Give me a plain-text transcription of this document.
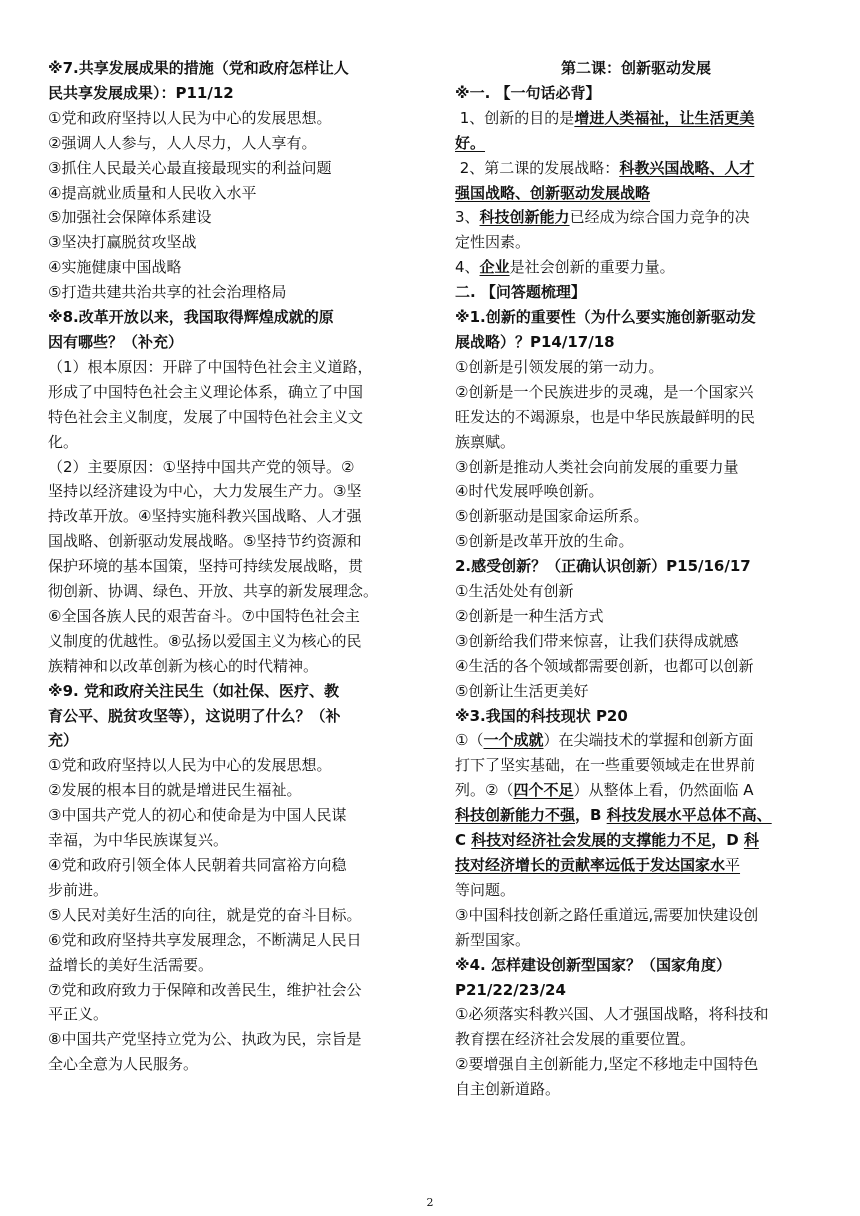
※7.共享发展成果的措施（党和政府怎样让人
民共享发展成果）：P11/12
①党和政府坚持以人民为中心的发展思想。
②强调人人参与，人人尽力，人人享有。
③抓住人民最关心最直接最现实的利益问题
④提高就业质量和人民收入水平
⑤加强社会保障体系建设
③坚决打赢脱贫攻坚战
④实施健康中国战略
⑤打造共建共治共享的社会治理格局
※8.改革开放以来，我国取得辉煌成就的原
因有哪些？（补充）
（1）根本原因：开辟了中国特色社会主义道路，
形成了中国特色社会主义理论体系，确立了中国
特色社会主义制度，发展了中国特色社会主义文
化。
（2）主要原因：①坚持中国共产党的领导。②
坚持以经济建设为中心，大力发展生产力。③坚
持改革开放。④坚持实施科教兴国战略、人才强
国战略、创新驱动发展战略。⑤坚持节约资源和
保护环境的基本国策，坚持可持续发展战略，贯
彻创新、协调、绿色、开放、共享的新发展理念。
⑥全国各族人民的艰苦奋斗。⑦中国特色社会主
义制度的优越性。⑧弘扬以爱国主义为核心的民
族精神和以改革创新为核心的时代精神。
※9. 党和政府关注民生（如社保、医疗、教
育公平、脱贫攻坚等），这说明了什么？（补
充）
①党和政府坚持以人民为中心的发展思想。
②发展的根本目的就是增进民生福祉。
③中国共产党人的初心和使命是为中国人民谋
幸福，为中华民族谋复兴。
④党和政府引领全体人民朝着共同富裕方向稳
步前进。
⑤人民对美好生活的向往，就是党的奋斗目标。
⑥党和政府坚持共享发展理念，不断满足人民日
益增长的美好生活需要。
⑦党和政府致力于保障和改善民生，维护社会公
平正义。
⑧中国共产党坚持立党为公、执政为民，宗旨是
全心全意为人民服务。
第二课：创新驱动发展
※一. 【一句话必背】
1、创新的目的是增进人类福祉，让生活更美
好。
2、第二课的发展战略：科教兴国战略、人才
强国战略、创新驱动发展战略
3、科技创新能力已经成为综合国力竞争的决
定性因素。
4、企业是社会创新的重要力量。
二. 【问答题梳理】
※1.创新的重要性（为什么要实施创新驱动发
展战略）？P14/17/18
①创新是引领发展的第一动力。
②创新是一个民族进步的灵魂，是一个国家兴
旺发达的不竭源泉，也是中华民族最鲜明的民
族禀赋。
③创新是推动人类社会向前发展的重要力量
④时代发展呼唤创新。
⑤创新驱动是国家命运所系。
⑤创新是改革开放的生命。
2.感受创新？（正确认识创新）P15/16/17
①生活处处有创新
②创新是一种生活方式
③创新给我们带来惊喜，让我们获得成就感
④生活的各个领域都需要创新，也都可以创新
⑤创新让生活更美好
※3.我国的科技现状 P20
①（一个成就）在尖端技术的掌握和创新方面
打下了坚实基础，在一些重要领域走在世界前
列。②（四个不足）从整体上看，仍然面临 A
科技创新能力不强，B 科技发展水平总体不高、
C 科技对经济社会发展的支撑能力不足，D 科
技对经济增长的贡献率远低于发达国家水平
等问题。
③中国科技创新之路任重道远,需要加快建设创
新型国家。
※4. 怎样建设创新型国家？（国家角度）
P21/22/23/24
①必须落实科教兴国、人才强国战略，将科技和
教育摆在经济社会发展的重要位置。
②要增强自主创新能力,坚定不移地走中国特色
自主创新道路。
2
